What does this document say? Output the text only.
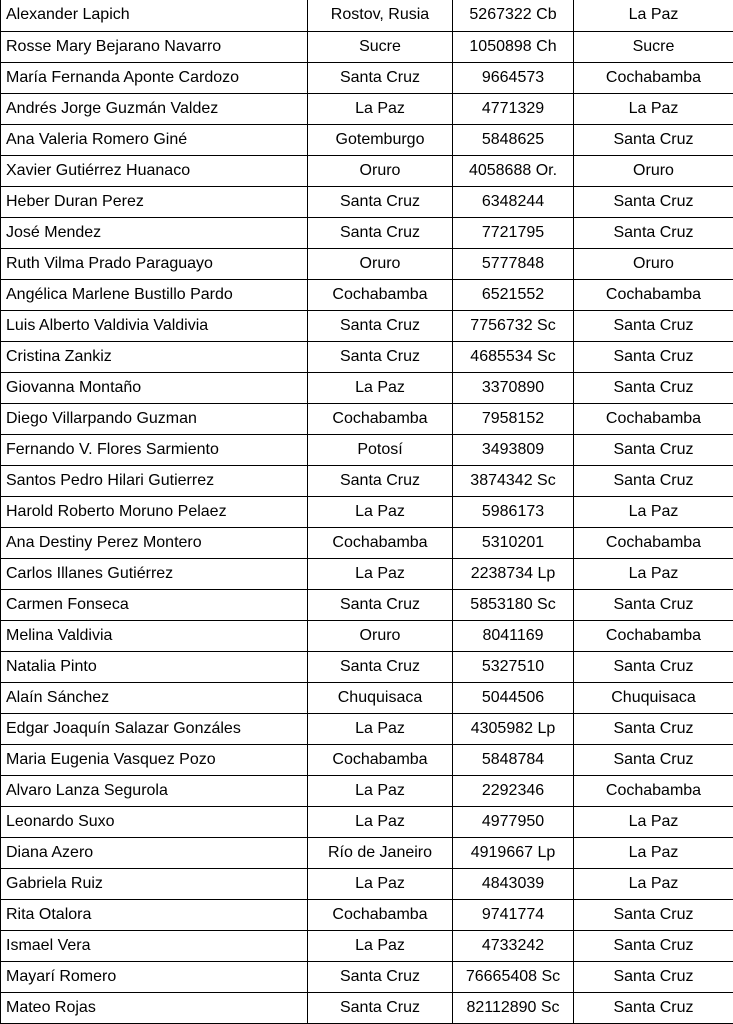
Alexander Lapich	Rostov, Rusia	5267322 Cb	La Paz
Rosse Mary Bejarano Navarro	Sucre	1050898 Ch	Sucre
María Fernanda Aponte Cardozo	Santa Cruz	9664573	Cochabamba
Andrés Jorge Guzmán Valdez	La Paz	4771329	La Paz
Ana Valeria Romero Giné	Gotemburgo	5848625	Santa Cruz
Xavier Gutiérrez Huanaco	Oruro	4058688 Or.	Oruro
Heber Duran Perez	Santa Cruz	6348244	Santa Cruz
José Mendez	Santa Cruz	7721795	Santa Cruz
Ruth Vilma Prado Paraguayo	Oruro	5777848	Oruro
Angélica Marlene Bustillo Pardo	Cochabamba	6521552	Cochabamba
Luis Alberto Valdivia Valdivia	Santa Cruz	7756732 Sc	Santa Cruz
Cristina Zankiz	Santa Cruz	4685534 Sc	Santa Cruz
Giovanna Montaño	La Paz	3370890	Santa Cruz
Diego Villarpando Guzman	Cochabamba	7958152	Cochabamba
Fernando V. Flores Sarmiento	Potosí	3493809	Santa Cruz
Santos Pedro Hilari Gutierrez	Santa Cruz	3874342 Sc	Santa Cruz
Harold Roberto Moruno Pelaez	La Paz	5986173	La Paz
Ana Destiny Perez Montero	Cochabamba	5310201	Cochabamba
Carlos Illanes Gutiérrez	La Paz	2238734 Lp	La Paz
Carmen Fonseca	Santa Cruz	5853180 Sc	Santa Cruz
Melina Valdivia	Oruro	8041169	Cochabamba
Natalia Pinto	Santa Cruz	5327510	Santa Cruz
Alaín Sánchez	Chuquisaca	5044506	Chuquisaca
Edgar Joaquín Salazar Gonzáles	La Paz	4305982 Lp	Santa Cruz
Maria Eugenia Vasquez Pozo	Cochabamba	5848784	Santa Cruz
Alvaro Lanza Segurola	La Paz	2292346	Cochabamba
Leonardo Suxo	La Paz	4977950	La Paz
Diana Azero	Río de Janeiro	4919667 Lp	La Paz
Gabriela Ruiz	La Paz	4843039	La Paz
Rita Otalora	Cochabamba	9741774	Santa Cruz
Ismael Vera	La Paz	4733242	Santa Cruz
Mayarí Romero	Santa Cruz	76665408 Sc	Santa Cruz
Mateo Rojas	Santa Cruz	82112890 Sc	Santa Cruz
